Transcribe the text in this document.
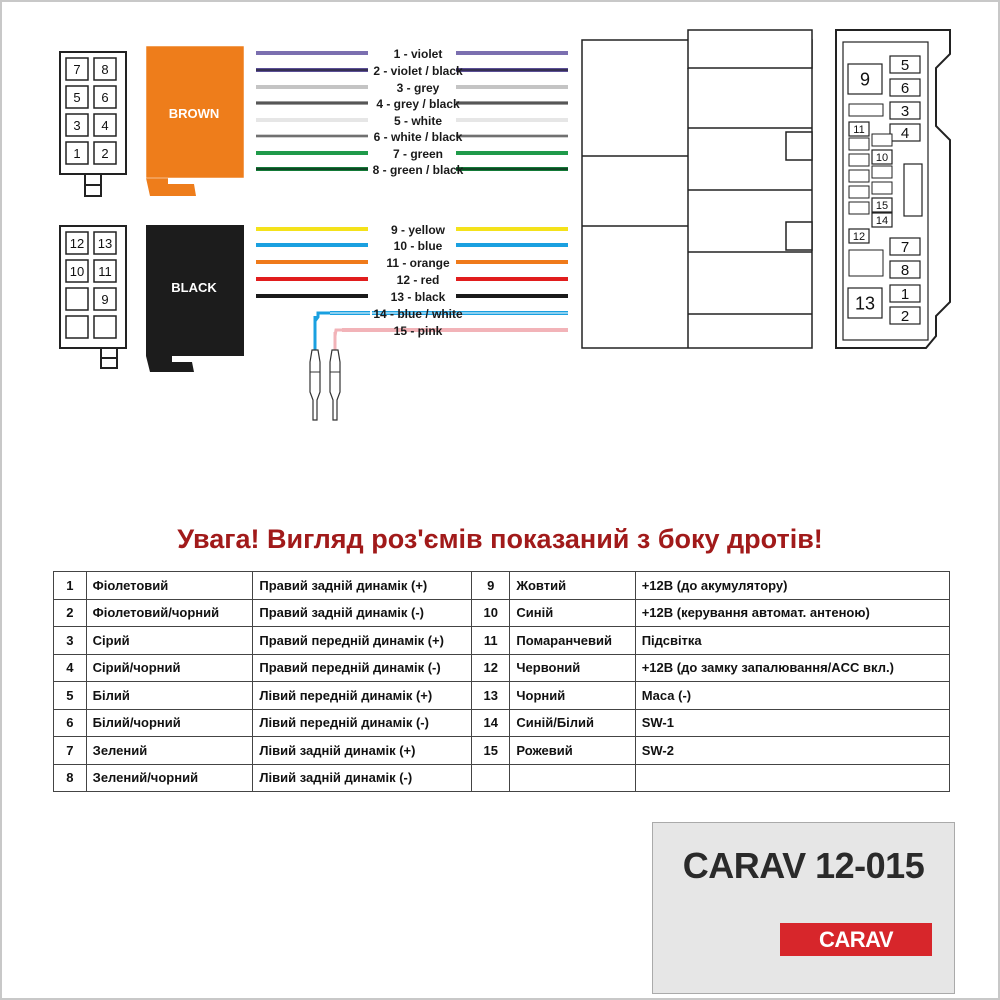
7 8
5 6
3 4
1 2
12 13
10 11
9
BROWN
BLACK
1 - violet
2 - violet / black
3 - grey
4 - grey / black
5 - white
6 - white / black
7 - green
8 - green / black
9 - yellow
10 - blue
11 - orange
12 - red
13 - black
14 - blue / white
15 - pink
9
5
6
3
4
11
10
15
14
12
7
8
13 1
2
Увага! Вигляд роз'ємів показаний з боку дротів!
1	Фіолетовий	Правий задній динамік (+)	9	Жовтий	+12В (до акумулятору)
2	Фіолетовий/чорний	Правий задній динамік (-)	10	Синій	+12В (керування автомат. антеною)
3	Сірий	Правий передній динамік (+)	11	Помаранчевий	Підсвітка
4	Сірий/чорний	Правий передній динамік (-)	12	Червоний	+12В (до замку запалювання/ACC вкл.)
5	Білий	Лівий передній динамік (+)	13	Чорний	Маса (-)
6	Білий/чорний	Лівий передній динамік (-)	14	Синій/Білий	SW-1
7	Зелений	Лівий задній динамік (+)	15	Рожевий	SW-2
8	Зелений/чорний	Лівий задній динамік (-)			
CARAV 12-015
CARAV
